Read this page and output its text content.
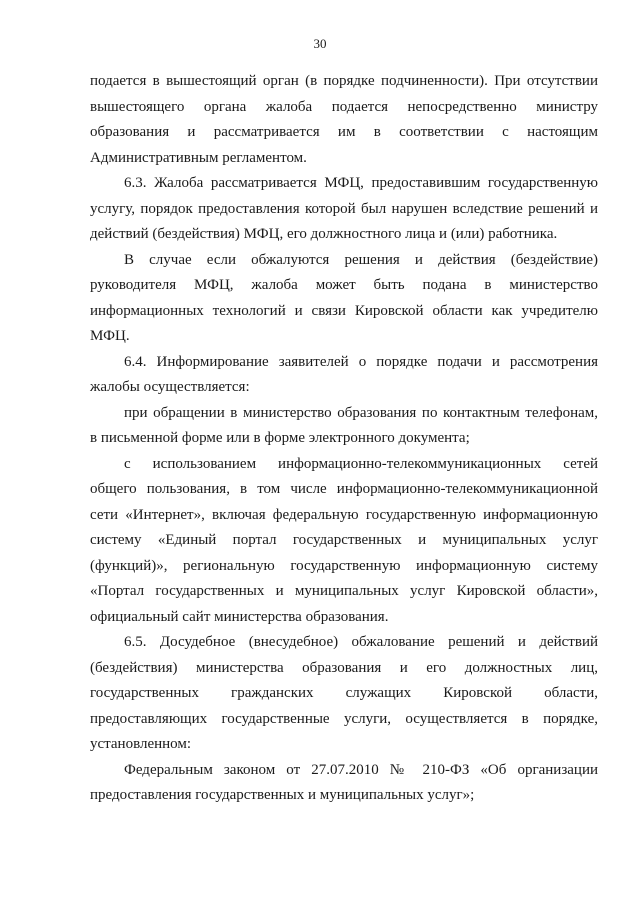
30
подается в вышестоящий орган (в порядке подчиненности). При отсутствии
вышестоящего органа жалоба подается непосредственно министру
образования и рассматривается им в соответствии с настоящим
Административным регламентом.
6.3. Жалоба рассматривается МФЦ, предоставившим государственную
услугу, порядок предоставления которой был нарушен вследствие решений и
действий (бездействия) МФЦ, его должностного лица и (или) работника.
В случае если обжалуются решения и действия (бездействие)
руководителя МФЦ, жалоба может быть подана в министерство
информационных технологий и связи Кировской области как учредителю
МФЦ.
6.4. Информирование заявителей о порядке подачи и рассмотрения
жалобы осуществляется:
при обращении в министерство образования по контактным телефонам,
в письменной форме или в форме электронного документа;
с использованием информационно-телекоммуникационных сетей
общего пользования, в том числе информационно-телекоммуникационной
сети «Интернет», включая федеральную государственную информационную
систему «Единый портал государственных и муниципальных услуг
(функций)», региональную государственную информационную систему
«Портал государственных и муниципальных услуг Кировской области»,
официальный сайт министерства образования.
6.5. Досудебное (внесудебное) обжалование решений и действий
(бездействия) министерства образования и его должностных лиц,
государственных гражданских служащих Кировской области,
предоставляющих государственные услуги, осуществляется в порядке,
установленном:
Федеральным законом от 27.07.2010 № 210-ФЗ «Об организации
предоставления государственных и муниципальных услуг»;
